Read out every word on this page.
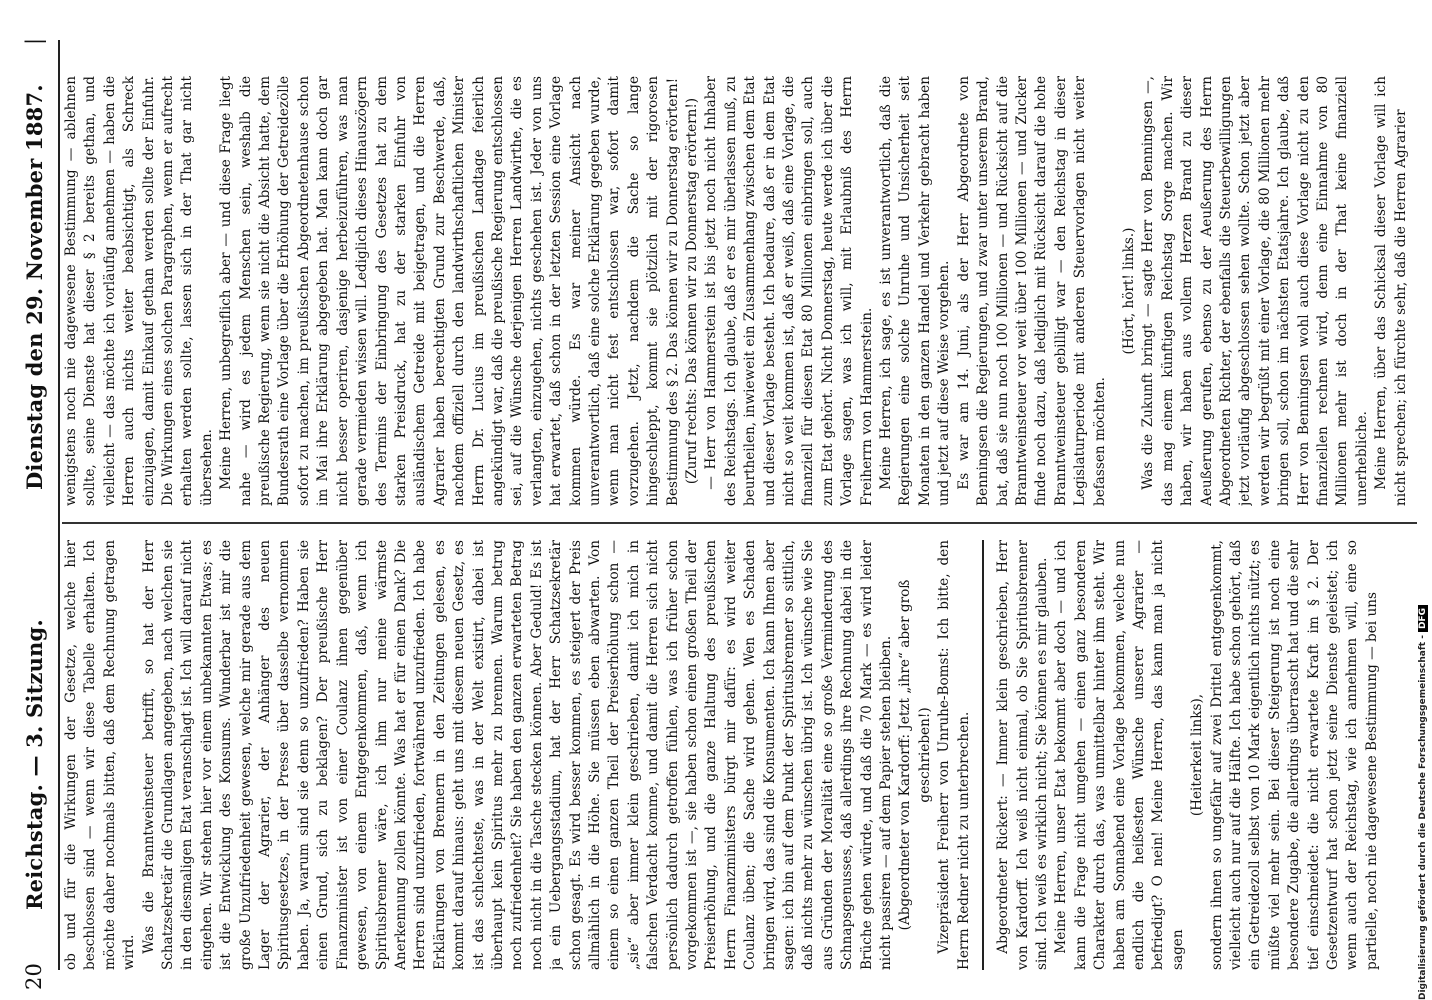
20
Reichstag. — 3. Sitzung.
Dienstag den 29. November 1887.
|

ob und für die Wirkungen der Gesetze, welche hier beschlossen sind — wenn wir diese Tabelle erhalten. Ich möchte daher nochmals bitten, daß dem Rechnung getragen wird. Was die Branntweinsteuer betrifft, so hat der Herr Schatzsekretär die Grundlagen angegeben, nach welchen sie in den diesmaligen Etat veranschlagt ist. Ich will darauf nicht eingehen. Wir stehen hier vor einem unbekannten Etwas; es ist die Entwicklung des Konsums. Wunderbar ist mir die große Unzufriedenheit gewesen, welche mir gerade aus dem Lager der Agrarier, der Anhänger des neuen Spiritusgesetzes, in der Presse über dasselbe vernommen haben. Ja, warum sind sie denn so unzufrieden? Haben sie einen Grund, sich zu beklagen? Der preußische Herr Finanzminister ist von einer Coulanz ihnen gegenüber gewesen, von einem Entgegenkommen, daß, wenn ich Spiritusbrenner wäre, ich ihm nur meine wärmste Anerkennung zollen könnte. Was hat er für einen Dank? Die Herren sind unzufrieden, fortwährend unzufrieden. Ich habe Erklärungen von Brennern in den Zeitungen gelesen, es kommt darauf hinaus: geht uns mit diesem neuen Gesetz, es ist das schlechteste, was in der Welt existirt, dabei ist überhaupt kein Spiritus mehr zu brennen. Warum betrug noch zufriedenheit? Sie haben den ganzen erwarteten Betrag noch nicht in die Tasche stecken können. Aber Geduld! Es ist ja ein Uebergangsstadium, hat der Herr Schatzsekretär schon gesagt. Es wird besser kommen, es steigert der Preis allmählich in die Höhe. Sie müssen eben abwarten. Von einem so einen ganzen Theil der Preiserhöhung schon — „sie“ aber immer klein geschrieben, damit ich mich in falschen Verdacht komme, und damit die Herren sich nicht persönlich dadurch getroffen fühlen, was ich früher schon vorgekommen ist —, sie haben schon einen großen Theil der Preiserhöhung, und die ganze Haltung des preußischen Herrn Finanzministers bürgt mir dafür: es wird weiter Coulanz üben; die Sache wird gehen. Wen es Schaden bringen wird, das sind die Konsumenten. Ich kann Ihnen aber sagen: ich bin auf dem Punkt der Spiritusbrenner so sittlich, daß nichts mehr zu wünschen übrig ist. Ich wünsche wie Sie aus Gründen der Moralität eine so große Verminderung des Schnapsgenusses, daß allerdings ihre Rechnung dabei in die Brüche gehen würde, und daß die 70 Mark — es wird leider nicht passiren — auf dem Papier stehen bleiben. (Abgeordneter von Kardorff: Jetzt „ihre“ aber groß geschrieben!) Vizepräsident Freiherr von Unruhe-Bomst: Ich bitte, den Herrn Redner nicht zu unterbrechen. Abgeordneter Rickert: — Immer klein geschrieben, Herr von Kardorff. Ich weiß nicht einmal, ob Sie Spiritusbrenner sind. Ich weiß es wirklich nicht; Sie können es mir glauben. Meine Herren, unser Etat bekommt aber doch — und ich kann die Frage nicht umgehen — einen ganz besonderen Charakter durch das, was unmittelbar hinter ihm steht. Wir haben am Sonnabend eine Vorlage bekommen, welche nun endlich die heißesten Wünsche unserer Agrarier — befriedigt? O nein! Meine Herren, das kann man ja nicht sagen

(Heiterkeit links), sondern ihnen so ungefähr auf zwei Drittel entgegenkommt, vielleicht auch nur auf die Hälfte. Ich habe schon gehört, daß ein Getreidezoll selbst von 10 Mark eigentlich nichts nützt; es müßte viel mehr sein. Bei dieser Steigerung ist noch eine besondere Zugabe, die allerdings überrascht hat und die sehr tief einschneidet: die nicht erwartete Kraft im § 2. Der Gesetzentwurf hat schon jetzt seine Dienste geleistet; ich wenn auch der Reichstag, wie ich annehmen will, eine so partielle, noch nie dagewesene Bestimmung — bei uns

wenigstens noch nie dagewesene Bestimmung — ablehnen sollte, seine Dienste hat dieser § 2 bereits gethan, und vielleicht — das möchte ich vorläufig annehmen — haben die Herren auch nichts weiter beabsichtigt, als Schreck einzujagen, damit Einkauf gethan werden sollte der Einfuhr. Die Wirkungen eines solchen Paragraphen, wenn er aufrecht erhalten werden sollte, lassen sich in der That gar nicht übersehen. Meine Herren, unbegreiflich aber — und diese Frage liegt nahe — wird es jedem Menschen sein, weshalb die preußische Regierung, wenn sie nicht die Absicht hatte, dem Bundesrath eine Vorlage über die Erhöhung der Getreidezölle sofort zu machen, im preußischen Abgeordnetenhause schon im Mai ihre Erklärung abgegeben hat. Man kann doch gar nicht besser operiren, dasjenige herbeizuführen, was man gerade vermieden wissen will. Lediglich dieses Hinauszögern des Termins der Einbringung des Gesetzes hat zu dem starken Preisdruck, hat zu der starken Einfuhr von ausländischem Getreide mit beigetragen, und die Herren Agrarier haben berechtigten Grund zur Beschwerde, daß, nachdem offiziell durch den landwirthschaftlichen Minister Herrn Dr. Lucius im preußischen Landtage feierlich angekündigt war, daß die preußische Regierung entschlossen sei, auf die Wünsche derjenigen Herren Landwirthe, die es verlangten, einzugehen, nichts geschehen ist. Jeder von uns hat erwartet, daß schon in der letzten Session eine Vorlage kommen würde. Es war meiner Ansicht nach unverantwortlich, daß eine solche Erklärung gegeben wurde, wenn man nicht fest entschlossen war, sofort damit vorzugehen. Jetzt, nachdem die Sache so lange hingeschleppt, kommt sie plötzlich mit der rigorosen Bestimmung des § 2. Das können wir zu Donnerstag erörtern! (Zuruf rechts: Das können wir zu Donnerstag erörtern!) — Herr von Hammerstein ist bis jetzt noch nicht Inhaber des Reichstags. Ich glaube, daß er es mir überlassen muß, zu beurtheilen, inwieweit ein Zusammenhang zwischen dem Etat und dieser Vorlage besteht. Ich bedaure, daß er in dem Etat nicht so weit kommen ist, daß er weiß, daß eine Vorlage, die finanziell für diesen Etat 80 Millionen einbringen soll, auch zum Etat gehört. Nicht Donnerstag, heute werde ich über die Vorlage sagen, was ich will, mit Erlaubniß des Herrn Freiherrn von Hammerstein. Meine Herren, ich sage, es ist unverantwortlich, daß die Regierungen eine solche Unruhe und Unsicherheit seit Monaten in den ganzen Handel und Verkehr gebracht haben und jetzt auf diese Weise vorgehen. Es war am 14. Juni, als der Herr Abgeordnete von Benningsen die Regierungen, und zwar unter unserem Brand, bat, daß sie nun noch 100 Millionen — und Rücksicht auf die Branntweinsteuer vor weit über 100 Millionen — und Zucker finde noch dazu, daß lediglich mit Rücksicht darauf die hohe Branntweinsteuer gebilligt war — den Reichstag in dieser Legislaturperiode mit anderen Steuervorlagen nicht weiter befassen möchten.

(Hört, hört! links.) Was die Zukunft bringt — sagte Herr von Benningsen —, das mag einem künftigen Reichstag Sorge machen. Wir haben, wir haben aus vollem Herzen Brand zu dieser Aeußerung gerufen, ebenso zu der Aeußerung des Herrn Abgeordneten Richter, der ebenfalls die Steuerbewilligungen jetzt vorläufig abgeschlossen sehen wollte. Schon jetzt aber werden wir begrüßt mit einer Vorlage, die 80 Millionen mehr bringen soll, schon im nächsten Etatsjahre. Ich glaube, daß Herr von Benningsen wohl auch diese Vorlage nicht zu den finanziellen rechnen wird, denn eine Einnahme von 80 Millionen mehr ist doch in der That keine finanziell unerhebliche. Meine Herren, über das Schicksal dieser Vorlage will ich nicht sprechen; ich fürchte sehr, daß die Herren Agrarier

Digitalisierung gefördert durch die Deutsche Forschungsgemeinschaft -DFG
